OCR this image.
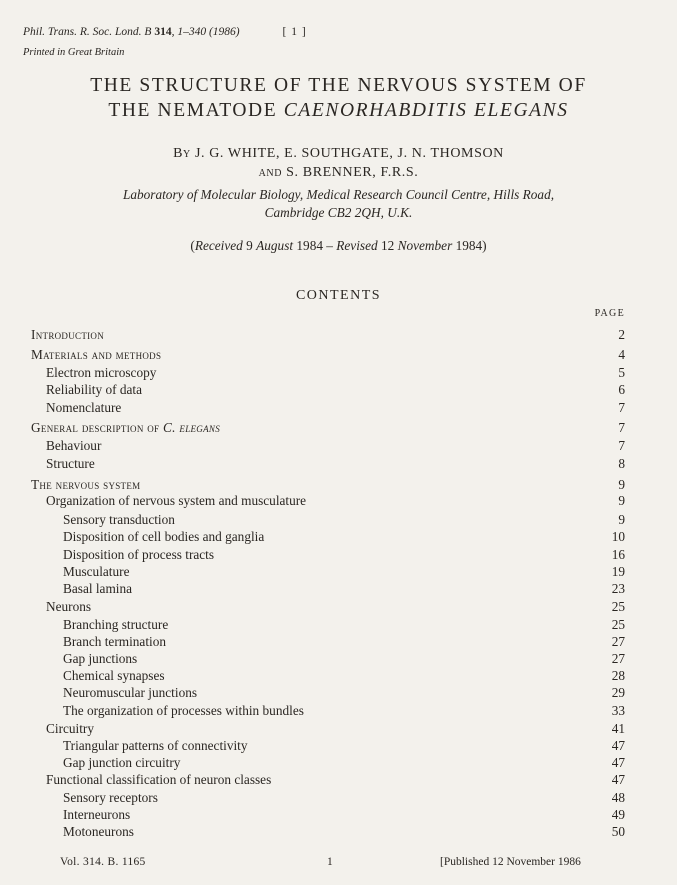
Phil. Trans. R. Soc. Lond. B 314, 1–340 (1986)	[ 1 ]
Printed in Great Britain
THE STRUCTURE OF THE NERVOUS SYSTEM OF
THE NEMATODE CAENORHABDITIS ELEGANS
By J. G. WHITE, E. SOUTHGATE, J. N. THOMSON
and S. BRENNER, F.R.S.
Laboratory of Molecular Biology, Medical Research Council Centre, Hills Road,
Cambridge CB2 2QH, U.K.
(Received 9 August 1984 – Revised 12 November 1984)
CONTENTS
PAGE
Introduction	2
Materials and methods	4
Electron microscopy	5
Reliability of data	6
Nomenclature	7
General description of C. elegans	7
Behaviour	7
Structure	8
The nervous system	9
Organization of nervous system and musculature	9
Sensory transduction	9
Disposition of cell bodies and ganglia	10
Disposition of process tracts	16
Musculature	19
Basal lamina	23
Neurons	25
Branching structure	25
Branch termination	27
Gap junctions	27
Chemical synapses	28
Neuromuscular junctions	29
The organization of processes within bundles	33
Circuitry	41
Triangular patterns of connectivity	47
Gap junction circuitry	47
Functional classification of neuron classes	47
Sensory receptors	48
Interneurons	49
Motoneurons	50
Vol. 314. B. 1165	1	[Published 12 November 1986
